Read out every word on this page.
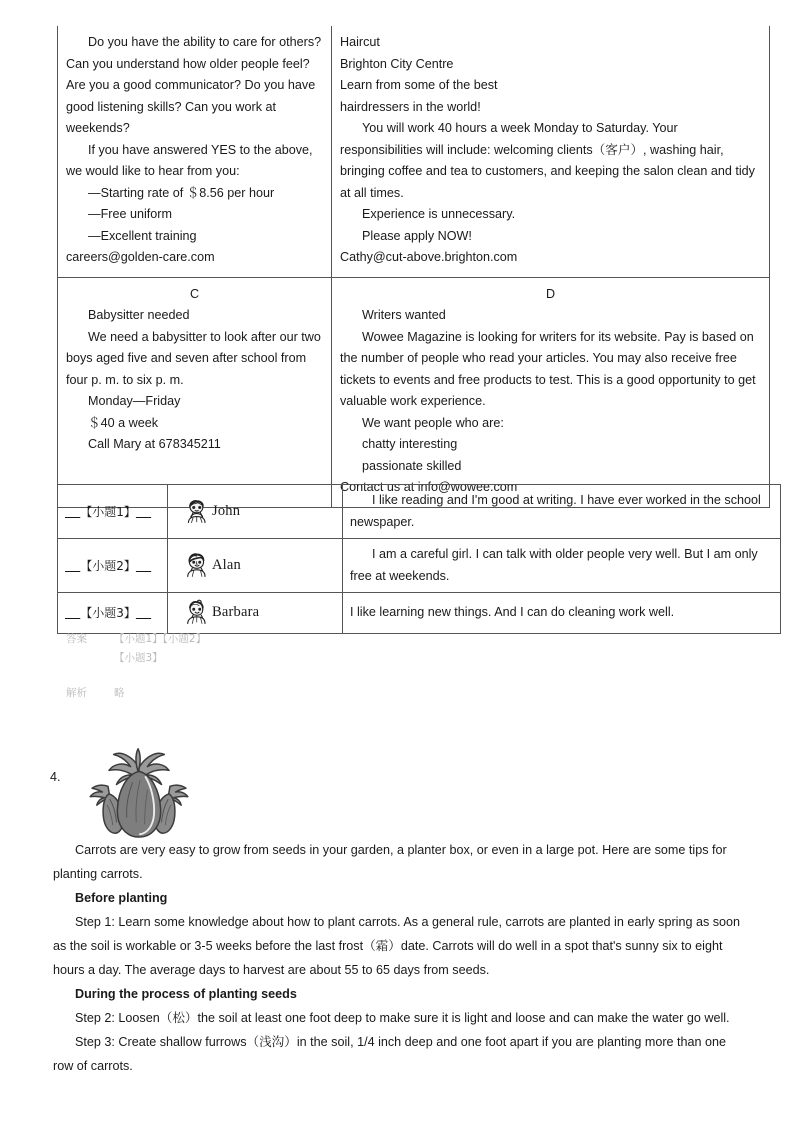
Do you have the ability to care for others? Can you understand how older people feel? Are you a good communicator? Do you have good listening skills? Can you work at weekends?

If you have answered YES to the above, we would like to hear from you:

—Starting rate of ＄8.56 per hour

—Free uniform

—Excellent training

careers@golden-care.com

Haircut

Brighton City Centre

Learn from some of the best

hairdressers in the world!

You will work 40 hours a week Monday to Saturday. Your responsibilities will include: welcoming clients（客户）, washing hair, bringing coffee and tea to customers, and keeping the salon clean and tidy at all times.

Experience is unnecessary.

Please apply NOW!

Cathy@cut-above.brighton.com

C

Babysitter needed

We need a babysitter to look after our two boys aged five and seven after school from four p. m. to six p. m.

Monday—Friday

＄40 a week

Call Mary at 678345211

D

Writers wanted

Wowee Magazine is looking for writers for its website. Pay is based on the number of people who read your articles. You may also receive free tickets to events and free products to test. This is a good opportunity to get valuable work experience.

We want people who are:

chatty interesting

passionate skilled

Contact us at info@wowee.com

【小题1】	John	I like reading and I'm good at writing. I have ever worked in the school newspaper.

【小题2】	Alan	I am a careful girl. I can talk with older people very well. But I am only free at weekends.

【小题3】	Barbara	I like learning new things. And I can do cleaning work well.

答案	【小题1】【小题2】
【小题3】
解析	略
4.

Carrots are very easy to grow from seeds in your garden, a planter box, or even in a large pot. Here are some tips for planting carrots.

Before planting

Step 1: Learn some knowledge about how to plant carrots. As a general rule, carrots are planted in early spring as soon as the soil is workable or 3-5 weeks before the last frost（霜）date. Carrots will do well in a spot that's sunny six to eight hours a day. The average days to harvest are about 55 to 65 days from seeds.

During the process of planting seeds

Step 2: Loosen（松）the soil at least one foot deep to make sure it is light and loose and can make the water go well.

Step 3: Create shallow furrows（浅沟）in the soil, 1/4 inch deep and one foot apart if you are planting more than one row of carrots.
